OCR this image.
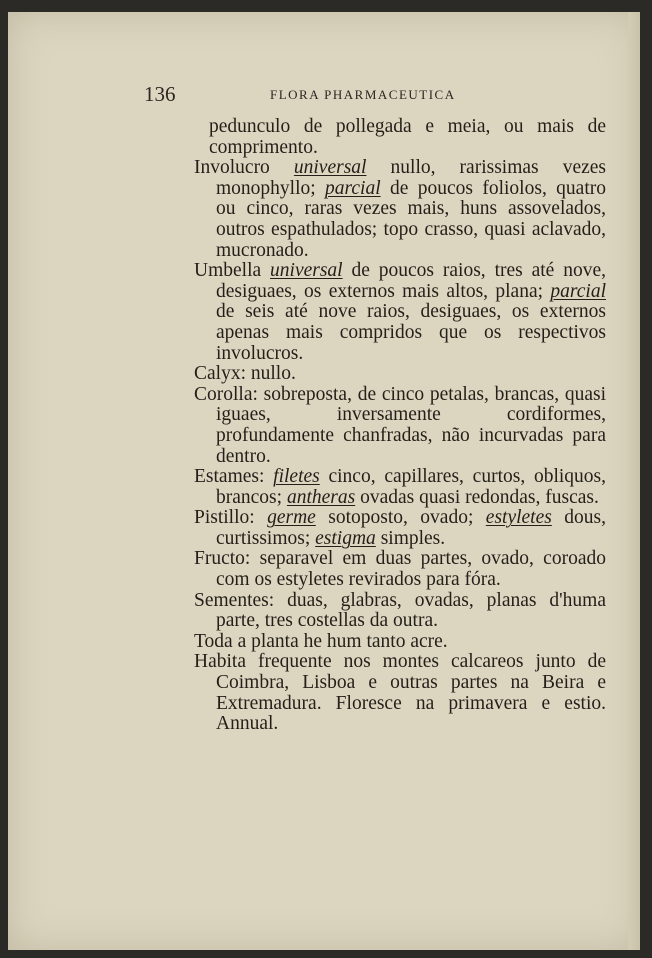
136	FLORA PHARMACEUTICA

pedunculo de pollegada e meia, ou mais de comprimento.

Involucro universal nullo, rarissimas vezes monophyllo; parcial de poucos foliolos, quatro ou cinco, raras vezes mais, huns assovelados, outros espathulados; topo crasso, quasi aclavado, mucronado.

Umbella universal de poucos raios, tres até nove, desiguaes, os externos mais altos, plana; parcial de seis até nove raios, desiguaes, os externos apenas mais compridos que os respectivos involucros.

Calyx: nullo.

Corolla: sobreposta, de cinco petalas, brancas, quasi iguaes, inversamente cordiformes, profundamente chanfradas, não incurvadas para dentro.

Estames: filetes cinco, capillares, curtos, obliquos, brancos; antheras ovadas quasi redondas, fuscas.

Pistillo: germe sotoposto, ovado; estyletes dous, curtissimos; estigma simples.

Fructo: separavel em duas partes, ovado, coroado com os estyletes revirados para fóra.

Sementes: duas, glabras, ovadas, planas d'huma parte, tres costellas da outra.

Toda a planta he hum tanto acre.

Habita frequente nos montes calcareos junto de Coimbra, Lisboa e outras partes na Beira e Extremadura. Floresce na primavera e estio. Annual.
